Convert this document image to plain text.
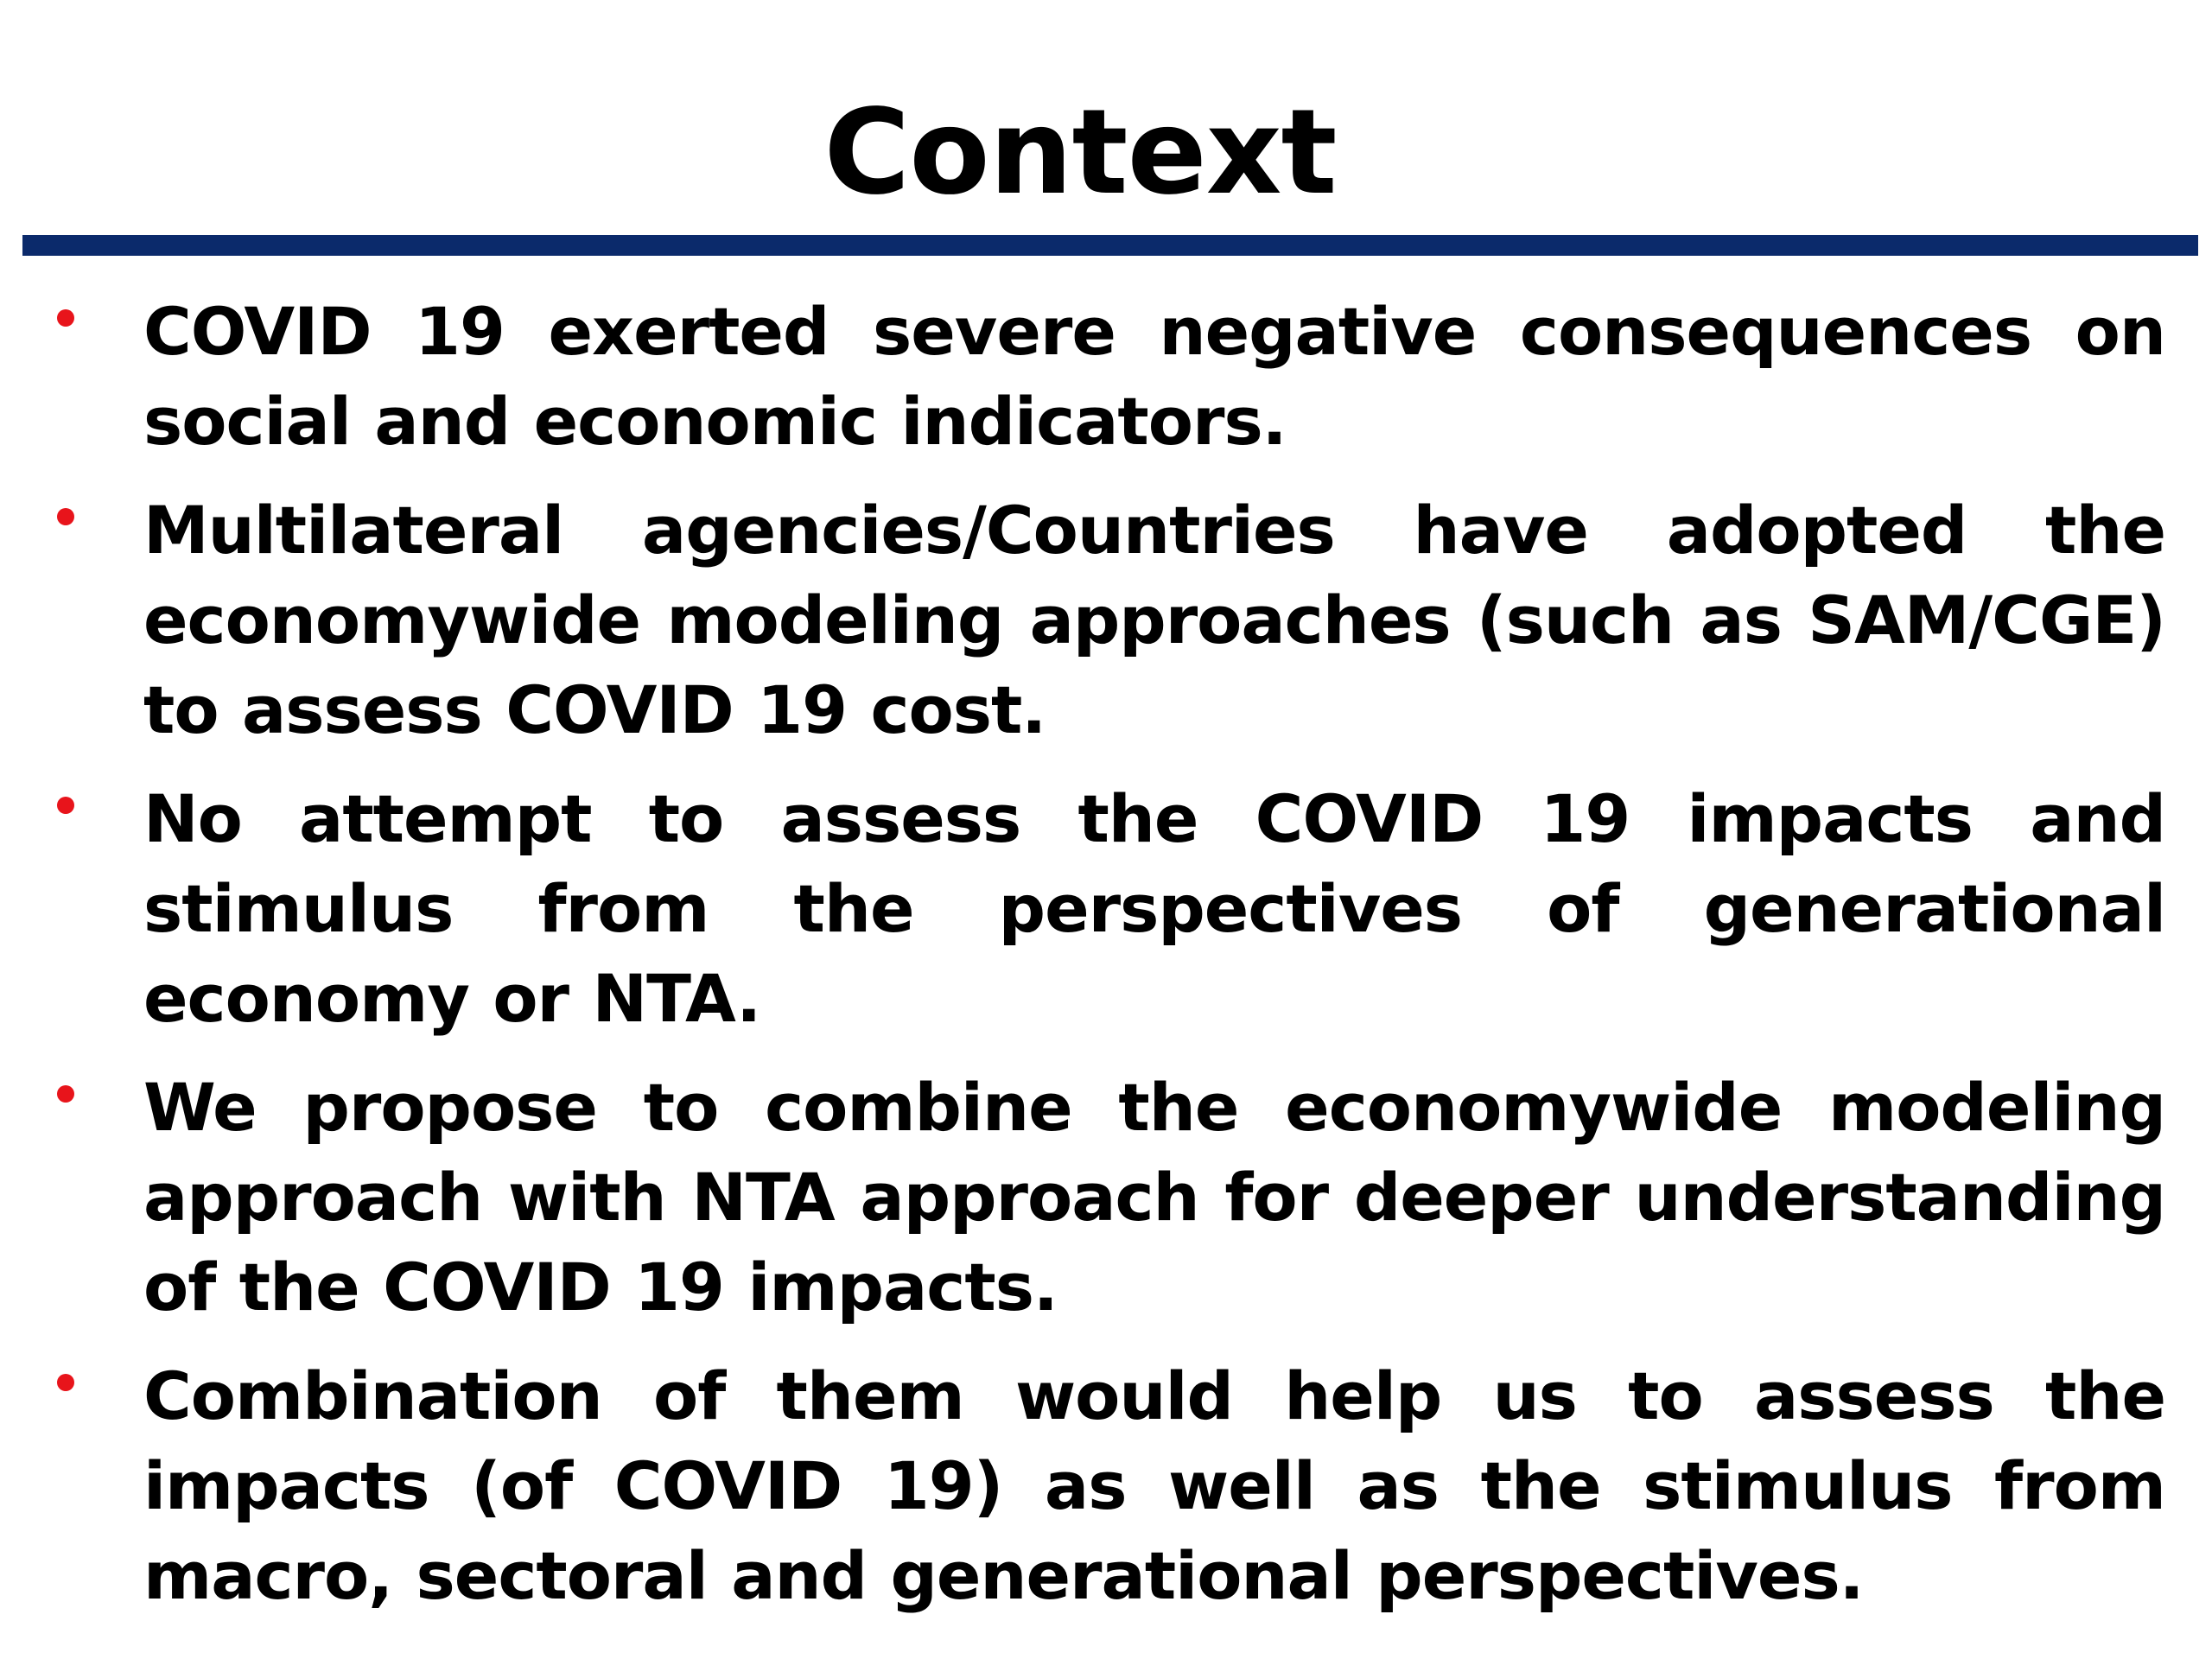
Context
COVID 19 exerted severe negative consequences on social and economic indicators.
Multilateral agencies/Countries have adopted the economywide modeling approaches (such as SAM/CGE) to assess COVID 19 cost.
No attempt to assess the COVID 19 impacts and stimulus from the perspectives of generational economy or NTA.
We propose to combine the economywide modeling approach with NTA approach for deeper understanding of the COVID 19 impacts.
Combination of them would help us to assess the impacts (of COVID 19) as well as the stimulus from macro, sectoral and generational perspectives.
